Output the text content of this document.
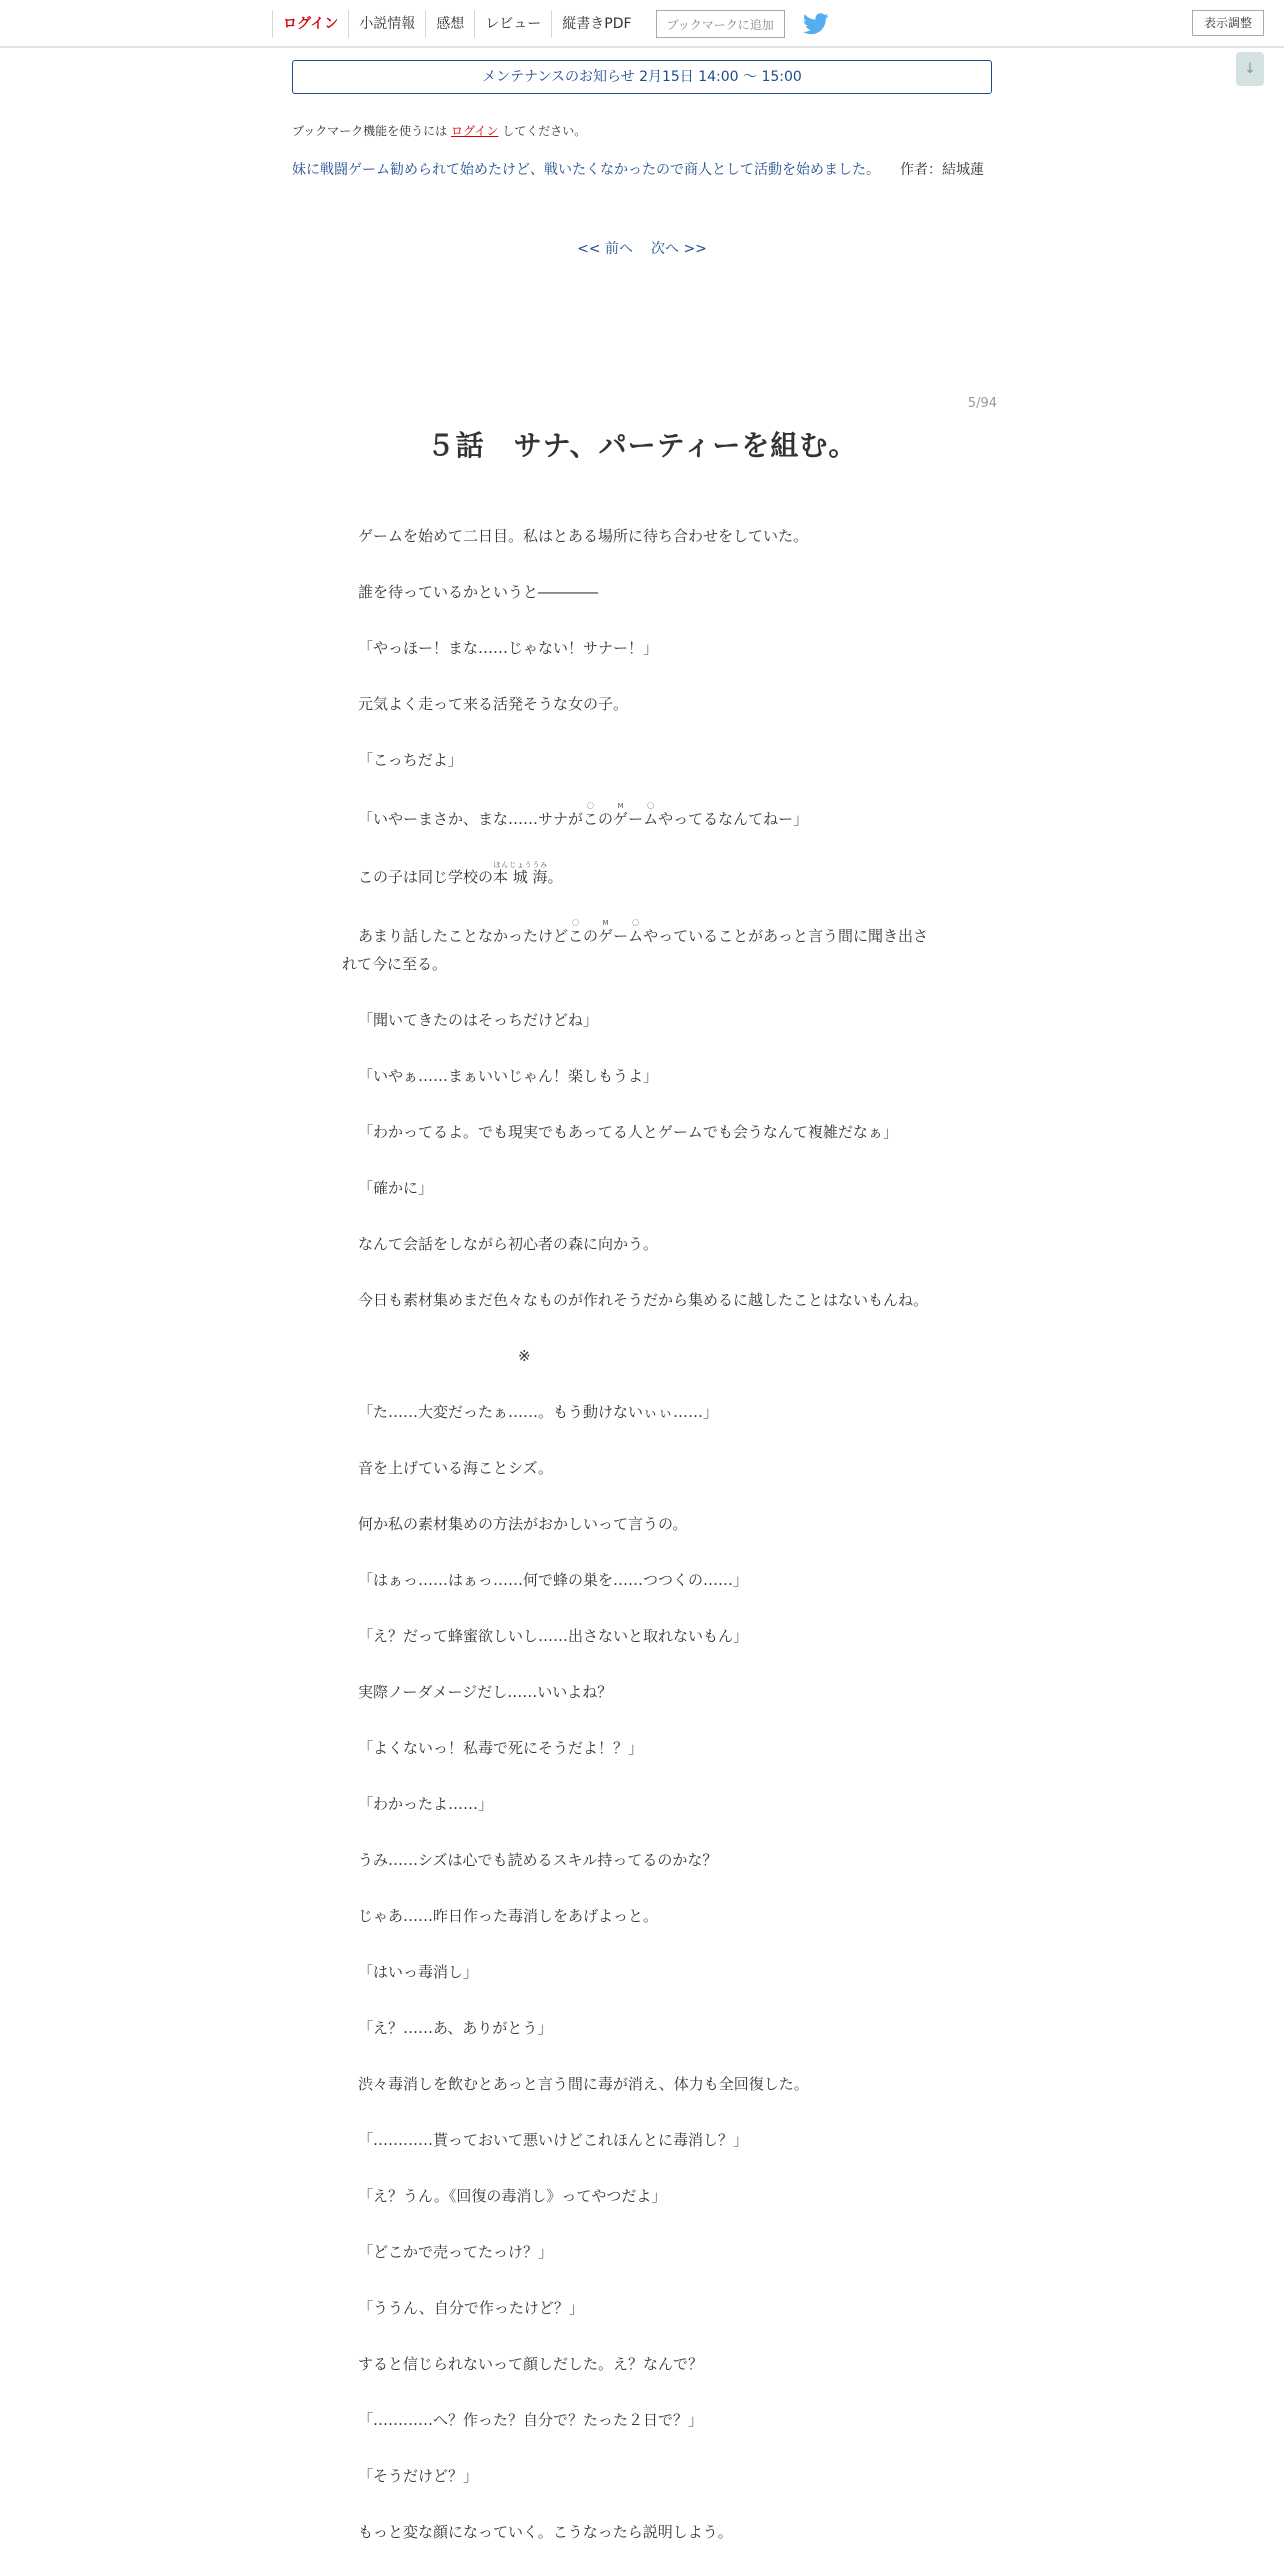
ログイン	小説情報	感想	レビュー	縦書きPDF	ブックマークに追加	表示調整
↓
メンテナンスのお知らせ 2月15日 14:00 ～ 15:00
ブックマーク機能を使うには ログイン してください。
妹に戦闘ゲーム勧められて始めたけど、戦いたくなかったので商人として活動を始めました。 作者：結城蓮
<< 前へ 次へ >>
5/94
５話　サナ、パーティーを組む。

ゲームを始めて二日目。私はとある場所に待ち合わせをしていた。

誰を待っているかというと――――

「やっほー！まな……じゃない！サナー！」

元気よく走って来る活発そうな女の子。

「こっちだよ」

「いやーまさか、まな……サナがこ〇のゲMーム〇やってるなんてねー」

この子は同じ学校の本 城 海ほんじょううみ。

あまり話したことなかったけどこ〇のゲMーム〇やっていることがあっと言う間に聞き出されて今に至る。

「聞いてきたのはそっちだけどね」

「いやぁ……まぁいいじゃん！楽しもうよ」

「わかってるよ。でも現実でもあってる人とゲームでも会うなんて複雑だなぁ」

「確かに」

なんて会話をしながら初心者の森に向かう。

今日も素材集めまだ色々なものが作れそうだから集めるに越したことはないもんね。

※

「た……大変だったぁ……。もう動けないぃぃ……」

音を上げている海ことシズ。

何か私の素材集めの方法がおかしいって言うの。

「はぁっ……はぁっ……何で蜂の巣を……つつくの……」

「え？だって蜂蜜欲しいし……出さないと取れないもん」

実際ノーダメージだし……いいよね？

「よくないっ！私毒で死にそうだよ！？」

「わかったよ……」

うみ……シズは心でも読めるスキル持ってるのかな？

じゃあ……昨日作った毒消しをあげよっと。

「はいっ毒消し」

「え？……あ、ありがとう」

渋々毒消しを飲むとあっと言う間に毒が消え、体力も全回復した。

「…………貰っておいて悪いけどこれほんとに毒消し？」

「え？うん。《回復の毒消し》ってやつだよ」

「どこかで売ってたっけ？」

「ううん、自分で作ったけど？」

すると信じられないって顔しだした。え？なんで？

「…………へ？作った？自分で？たった２日で？」

「そうだけど？」

もっと変な顔になっていく。こうなったら説明しよう。
